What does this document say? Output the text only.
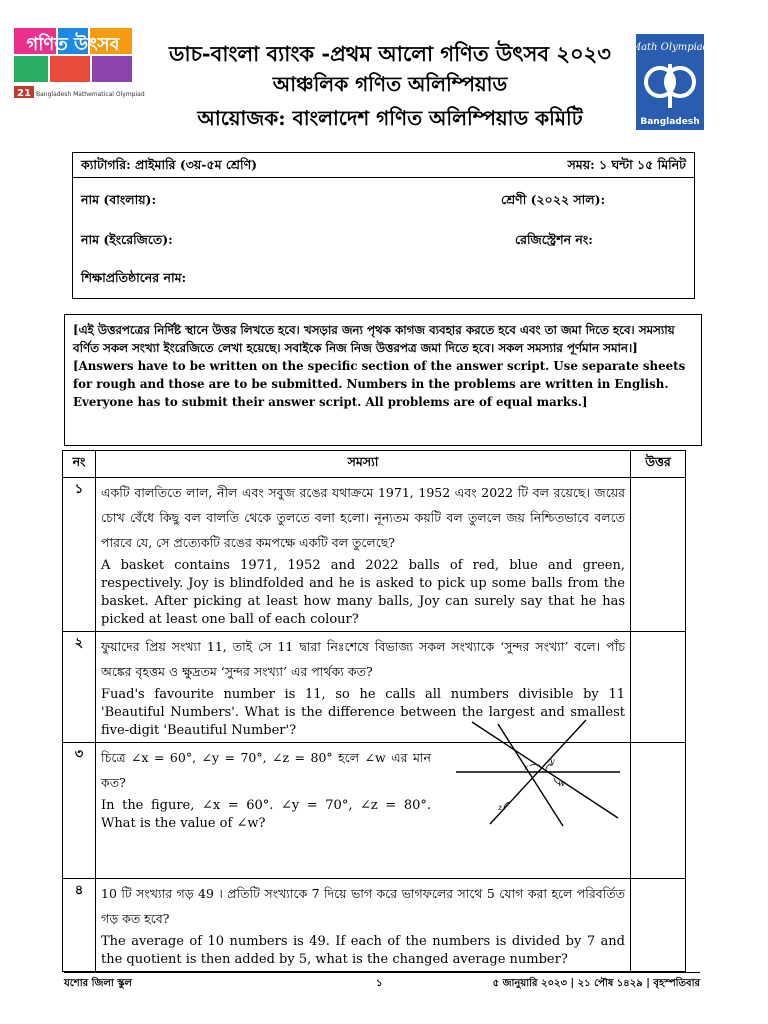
গণিত উৎসব
21 Bangladesh Mathematical Olympiad
ডাচ-বাংলা ব্যাংক -প্রথম আলো গণিত উৎসব ২০২৩
আঞ্চলিক গণিত অলিম্পিয়াড
আয়োজক: বাংলাদেশ গণিত অলিম্পিয়াড কমিটি
Math Olympiad
Bangladesh
ক্যাটাগরি: প্রাইমারি (৩য়-৫ম শ্রেণি)	সময়: ১ ঘন্টা ১৫ মিনিট
নাম (বাংলায়):	শ্রেণী (২০২২ সাল):
নাম (ইংরেজিতে):	রেজিস্ট্রেশন নং:
শিক্ষাপ্রতিষ্ঠানের নাম:

[এই উত্তরপত্রের নির্দিষ্ট স্থানে উত্তর লিখতে হবে। খসড়ার জন্য পৃথক কাগজ ব্যবহার করতে হবে এবং তা জমা দিতে হবে। সমস্যায় বর্ণিত সকল সংখ্যা ইংরেজিতে লেখা হয়েছে। সবাইকে নিজ নিজ উত্তরপত্র জমা দিতে হবে। সকল সমস্যার পূর্ণমান সমান।]

[Answers have to be written on the specific section of the answer script. Use separate sheets for rough and those are to be submitted. Numbers in the problems are written in English. Everyone has to submit their answer script. All problems are of equal marks.]

নং	সমস্যা	উত্তর
১	একটি বালতিতে লাল, নীল এবং সবুজ রঙের যথাক্রমে 1971, 1952 এবং 2022 টি বল রয়েছে। জয়ের চোখ বেঁধে কিছু বল বালতি থেকে তুলতে বলা হলো। নূন্যতম কয়টি বল তুললে জয় নিশ্চিতভাবে বলতে পারবে যে, সে প্রত্যেকটি রঙের কমপক্ষে একটি বল তুলেছে?
A basket contains 1971, 1952 and 2022 balls of red, blue and green, respectively. Joy is blindfolded and he is asked to pick up some balls from the basket. After picking at least how many balls, Joy can surely say that he has picked at least one ball of each colour?	

২	ফুয়াদের প্রিয় সংখ্যা 11, তাই সে 11 দ্বারা নিঃশেষে বিভাজ্য সকল সংখ্যাকে ‘সুন্দর সংখ্যা’ বলে। পাঁচ অঙ্কের বৃহত্তম ও ক্ষুদ্রতম ‘সুন্দর সংখ্যা’ এর পার্থক্য কত?
Fuad's favourite number is 11, so he calls all numbers divisible by 11 'Beautiful Numbers'. What is the difference between the largest and smallest five-digit 'Beautiful Number'?	

৩	চিত্রে ∠x = 60°, ∠y = 70°, ∠z = 80° হলে ∠w এর মান কত?
In the figure, ∠x = 60°. ∠y = 70°, ∠z = 80°. What is the value of ∠w?	

৪	10 টি সংখ্যার গড় 49 । প্রতিটি সংখ্যাকে 7 দিয়ে ভাগ করে ভাগফলের সাথে 5 যোগ করা হলে পরিবর্তিত গড় কত হবে?
The average of 10 numbers is 49. If each of the numbers is divided by 7 and the quotient is then added by 5, what is the changed average number?	

x
y
w
z
যশোর জিলা স্কুল	১	৫ জানুয়ারি ২০২৩ | ২১ পৌষ ১৪২৯ | বৃহস্পতিবার
